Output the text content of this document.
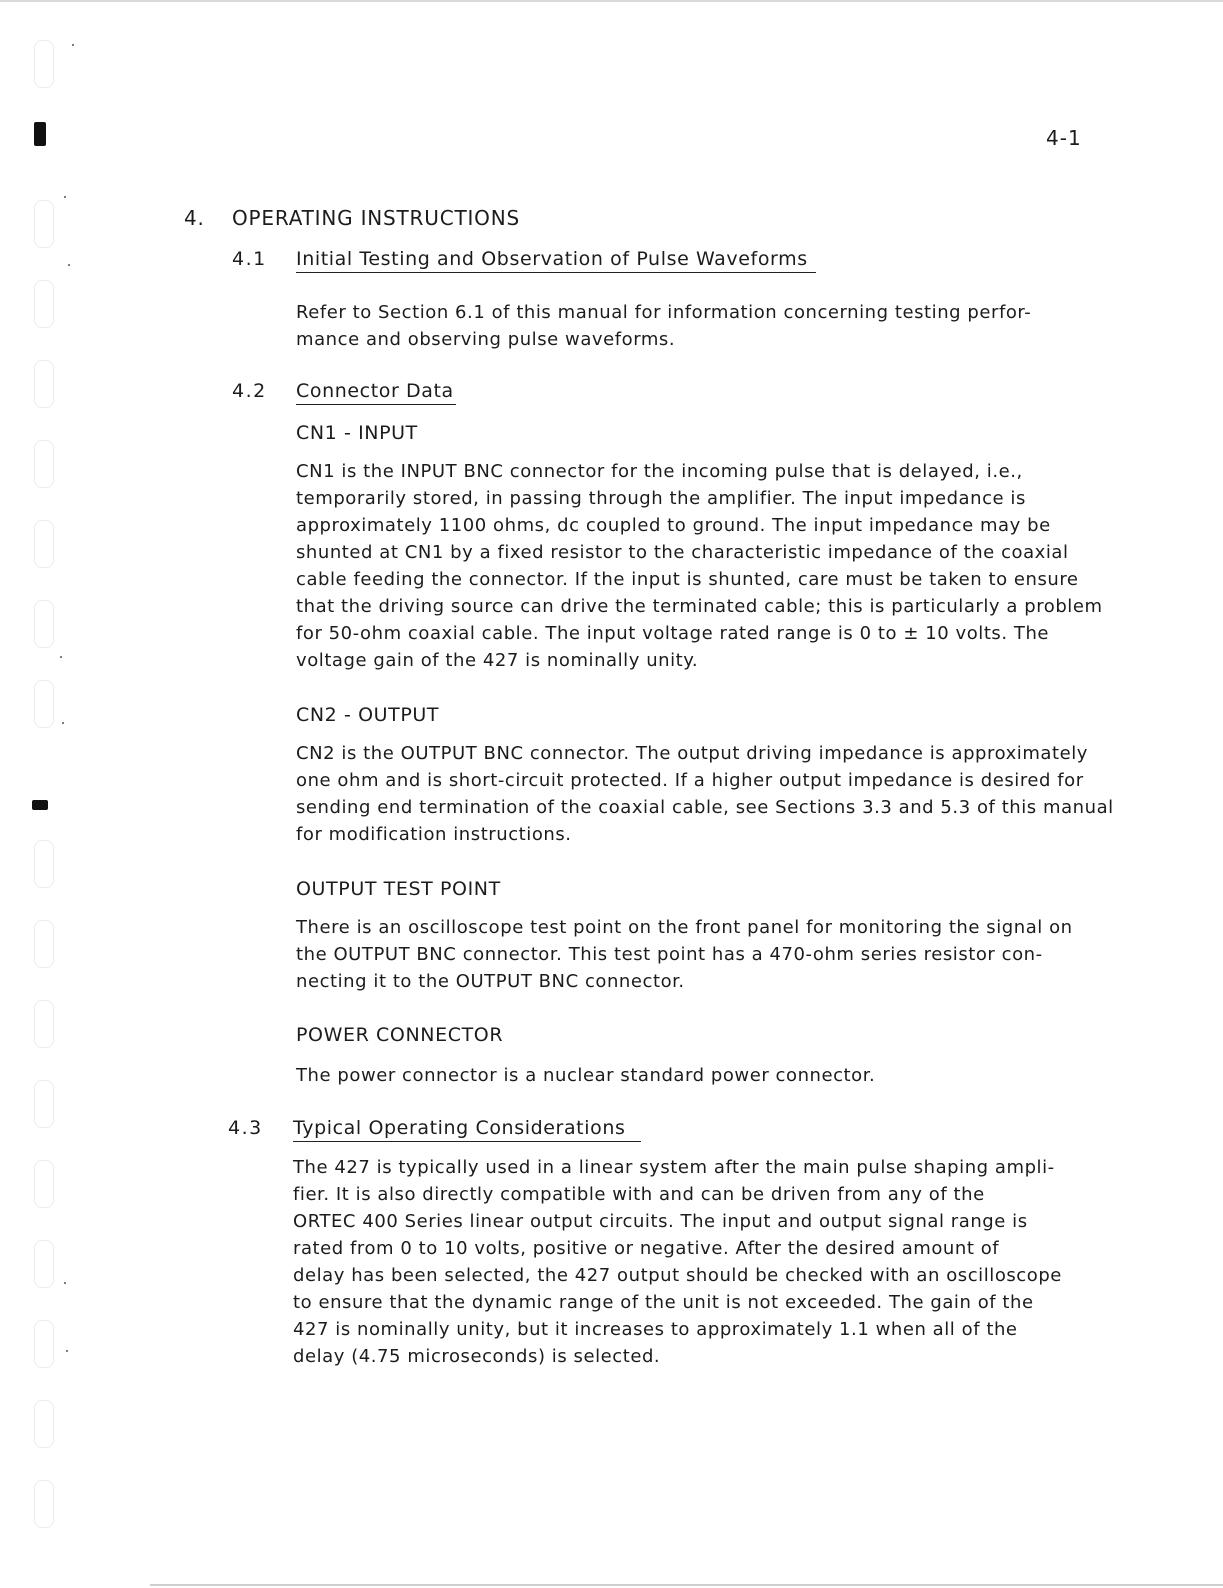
4-1
4. OPERATING INSTRUCTIONS
4.1 Initial Testing and Observation of Pulse Waveforms
Refer to Section 6.1 of this manual for information concerning testing perfor-
mance and observing pulse waveforms.
4.2 Connector Data
CN1 - INPUT
CN1 is the INPUT BNC connector for the incoming pulse that is delayed, i.e.,
temporarily stored, in passing through the amplifier. The input impedance is
approximately 1100 ohms, dc coupled to ground. The input impedance may be
shunted at CN1 by a fixed resistor to the characteristic impedance of the coaxial
cable feeding the connector. If the input is shunted, care must be taken to ensure
that the driving source can drive the terminated cable; this is particularly a problem
for 50-ohm coaxial cable. The input voltage rated range is 0 to ± 10 volts. The
voltage gain of the 427 is nominally unity.
CN2 - OUTPUT
CN2 is the OUTPUT BNC connector. The output driving impedance is approximately
one ohm and is short-circuit protected. If a higher output impedance is desired for
sending end termination of the coaxial cable, see Sections 3.3 and 5.3 of this manual
for modification instructions.
OUTPUT TEST POINT
There is an oscilloscope test point on the front panel for monitoring the signal on
the OUTPUT BNC connector. This test point has a 470-ohm series resistor con-
necting it to the OUTPUT BNC connector.
POWER CONNECTOR
The power connector is a nuclear standard power connector.
4.3 Typical Operating Considerations
The 427 is typically used in a linear system after the main pulse shaping ampli-
fier. It is also directly compatible with and can be driven from any of the
ORTEC 400 Series linear output circuits. The input and output signal range is
rated from 0 to 10 volts, positive or negative. After the desired amount of
delay has been selected, the 427 output should be checked with an oscilloscope
to ensure that the dynamic range of the unit is not exceeded. The gain of the
427 is nominally unity, but it increases to approximately 1.1 when all of the
delay (4.75 microseconds) is selected.
